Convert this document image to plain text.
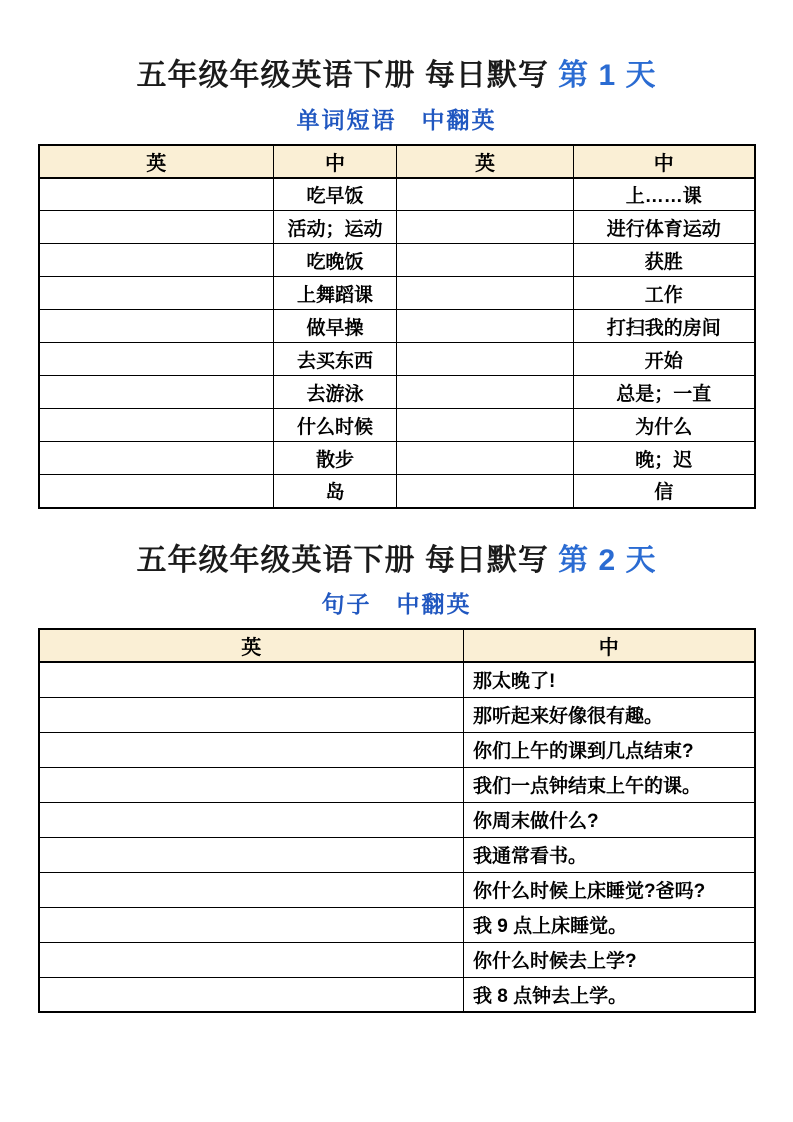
五年级年级英语下册 每日默写 第 1 天
单词短语　中翻英
英	中	英	中
	吃早饭		上……课
	活动；运动		进行体育运动
	吃晚饭		获胜
	上舞蹈课		工作
	做早操		打扫我的房间
	去买东西		开始
	去游泳		总是；一直
	什么时候		为什么
	散步		晚；迟
	岛		信
五年级年级英语下册 每日默写 第 2 天
句子　中翻英
英	中
	那太晚了!
	那听起来好像很有趣。
	你们上午的课到几点结束?
	我们一点钟结束上午的课。
	你周末做什么?
	我通常看书。
	你什么时候上床睡觉?爸吗?
	我 9 点上床睡觉。
	你什么时候去上学?
	我 8 点钟去上学。
